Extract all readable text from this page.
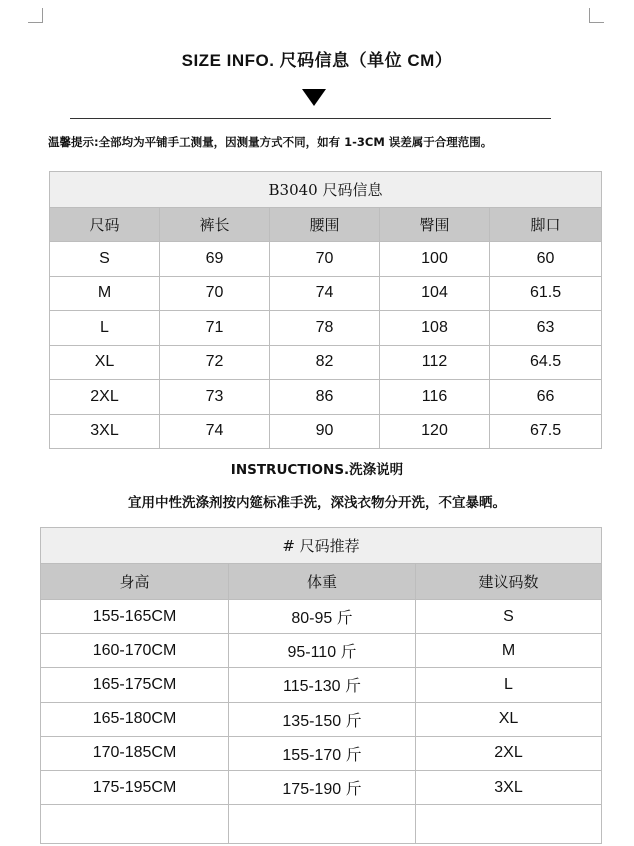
SIZE INFO. 尺码信息（单位 CM）
温馨提示:全部均为平铺手工测量，因测量方式不同，如有 1-3CM 误差属于合理范围。
B3040 尺码信息				
尺码	裤长	腰围	臀围	脚口
S	69	70	100	60
M	70	74	104	61.5
L	71	78	108	63
XL	72	82	112	64.5
2XL	73	86	116	66
3XL	74	90	120	67.5
INSTRUCTIONS.洗涤说明
宜用中性洗涤剂按内筵标准手洗，深浅衣物分开洗，不宜暴晒。
# 尺码推荐		
身高	体重	建议码数
155-165CM	80-95 斤	S
160-170CM	95-110 斤	M
165-175CM	115-130 斤	L
165-180CM	135-150 斤	XL
170-185CM	155-170 斤	2XL
175-195CM	175-190 斤	3XL
